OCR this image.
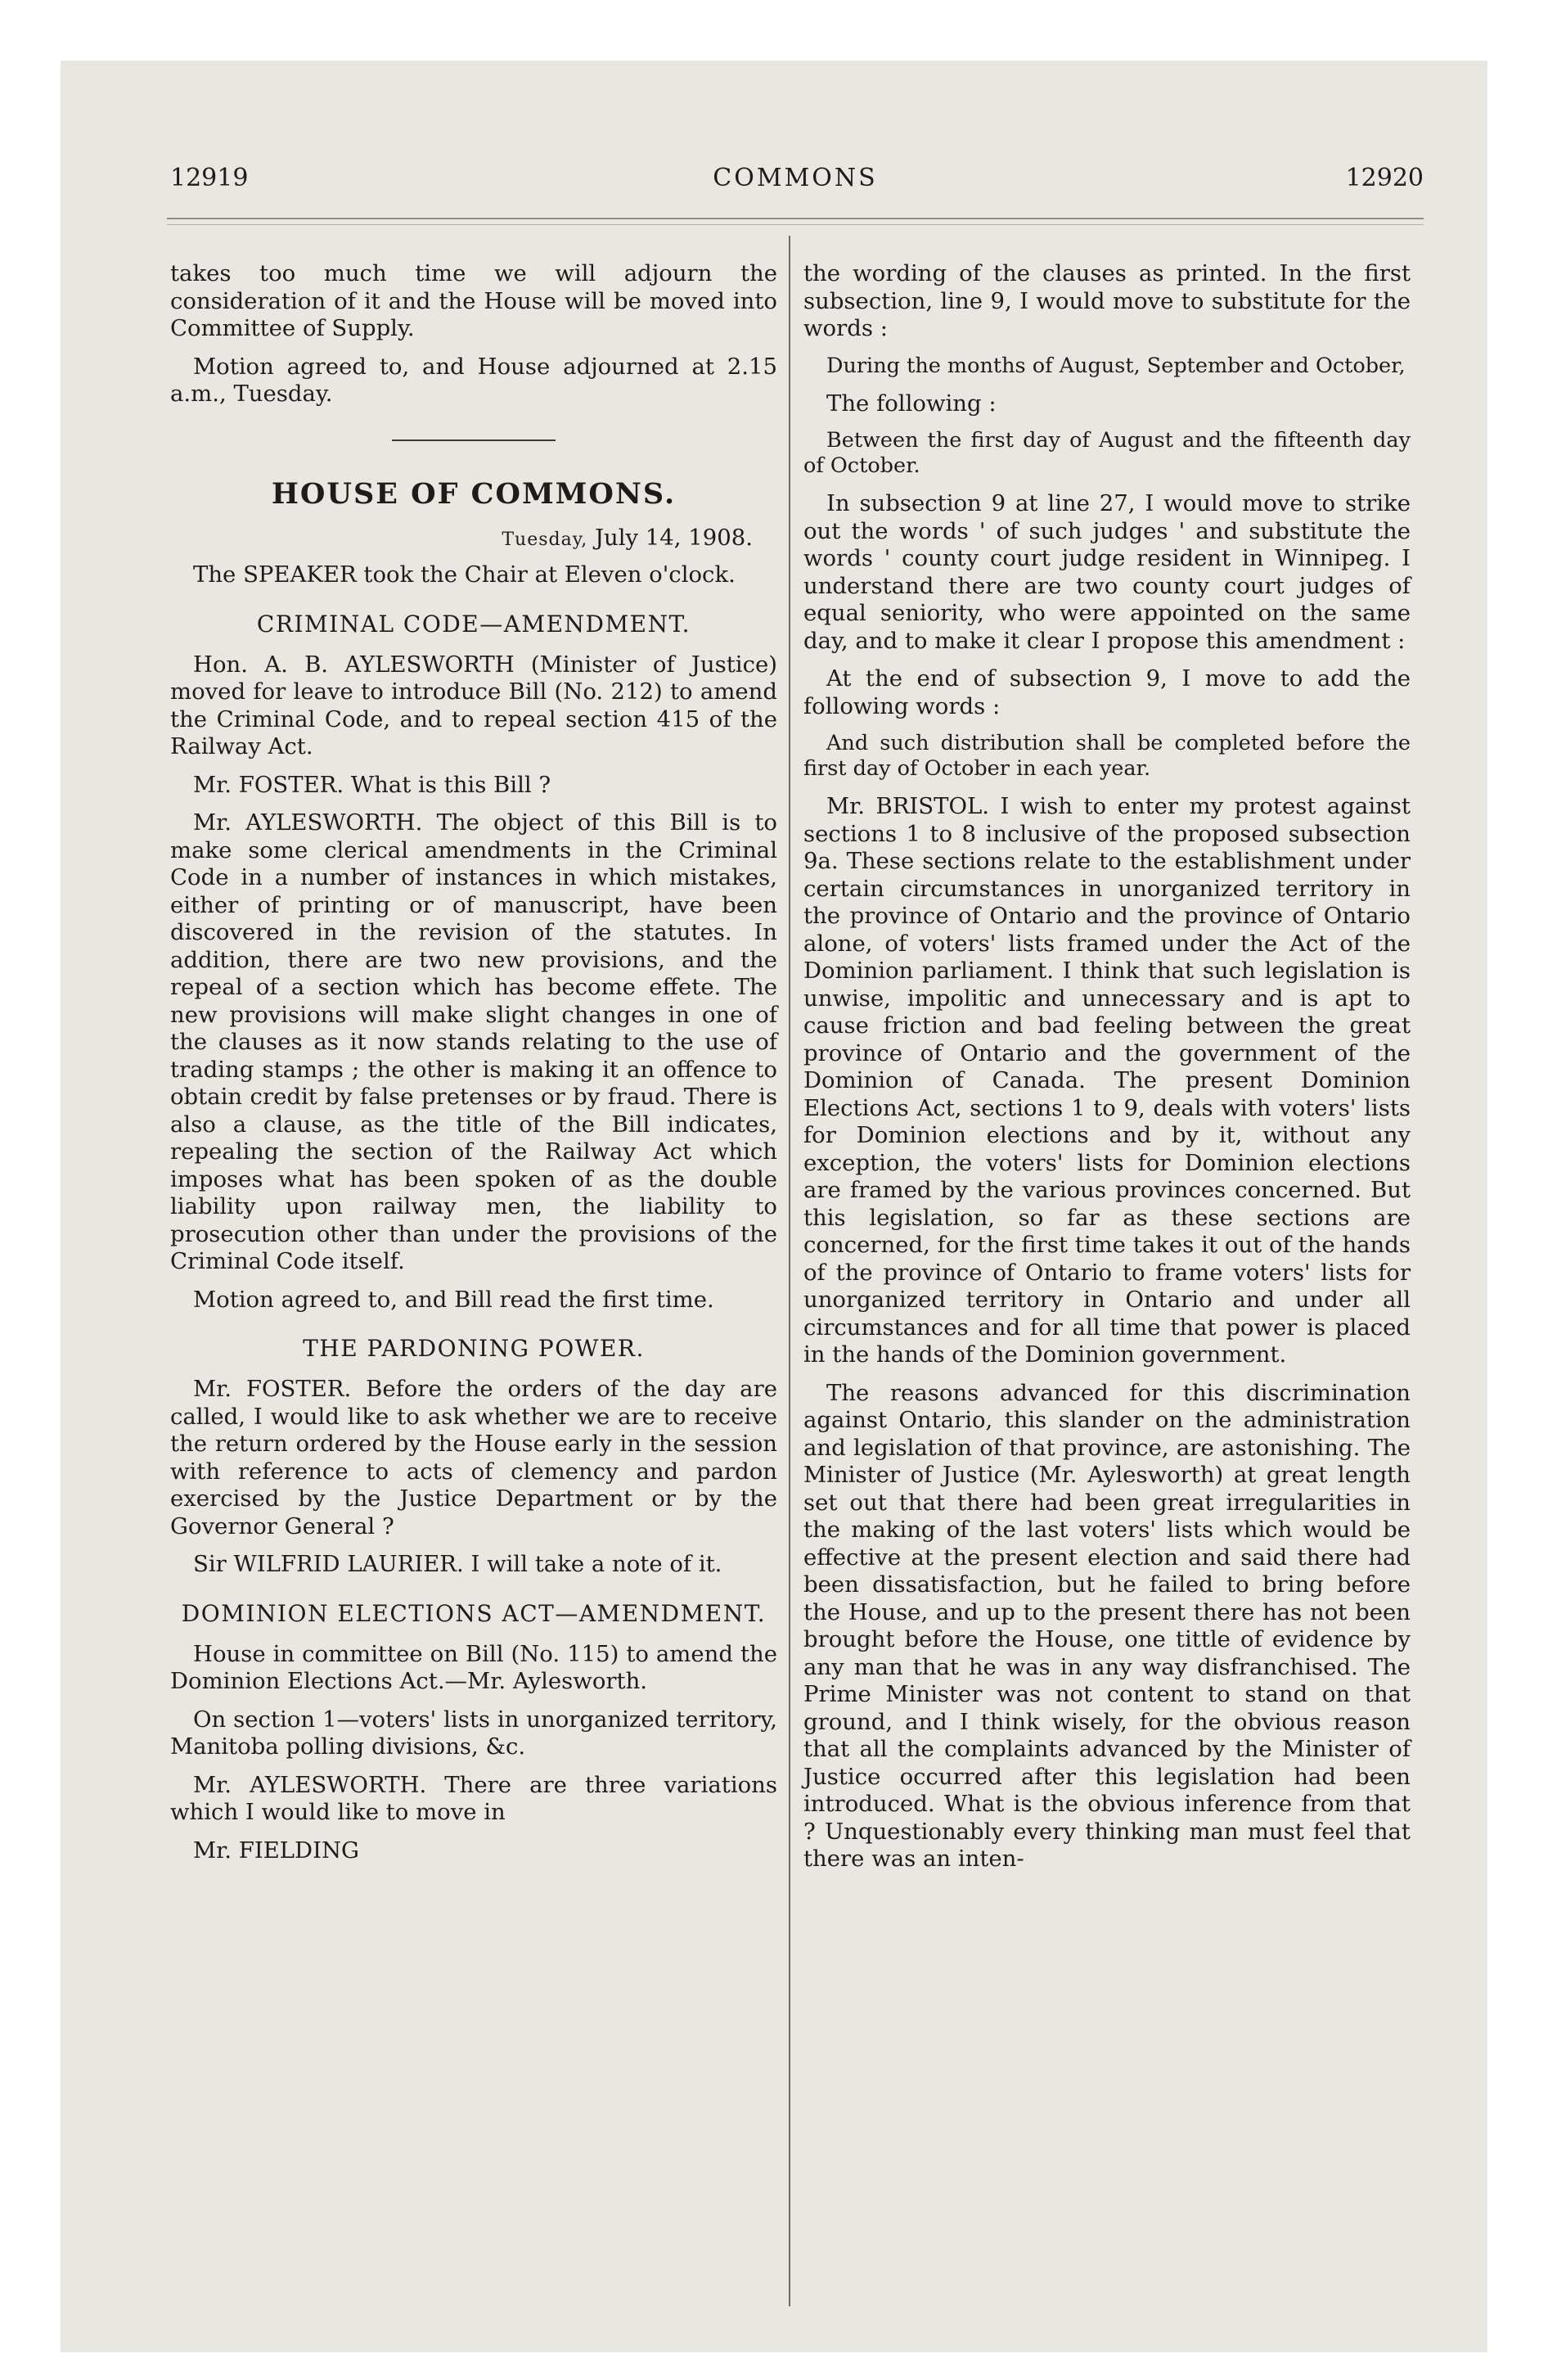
12919	COMMONS	12920

takes too much time we will adjourn the consideration of it and the House will be moved into Committee of Supply.

Motion agreed to, and House adjourned at 2.15 a.m., Tuesday.

HOUSE OF COMMONS.

Tuesday, July 14, 1908.

The SPEAKER took the Chair at Eleven o'clock.

CRIMINAL CODE—AMENDMENT.

Hon. A. B. AYLESWORTH (Minister of Justice) moved for leave to introduce Bill (No. 212) to amend the Criminal Code, and to repeal section 415 of the Railway Act.

Mr. FOSTER. What is this Bill ?

Mr. AYLESWORTH. The object of this Bill is to make some clerical amendments in the Criminal Code in a number of instances in which mistakes, either of printing or of manuscript, have been discovered in the revision of the statutes. In addition, there are two new provisions, and the repeal of a section which has become effete. The new provisions will make slight changes in one of the clauses as it now stands relating to the use of trading stamps ; the other is making it an offence to obtain credit by false pretenses or by fraud. There is also a clause, as the title of the Bill indicates, repealing the section of the Railway Act which imposes what has been spoken of as the double liability upon railway men, the liability to prosecution other than under the provisions of the Criminal Code itself.

Motion agreed to, and Bill read the first time.

THE PARDONING POWER.

Mr. FOSTER. Before the orders of the day are called, I would like to ask whether we are to receive the return ordered by the House early in the session with reference to acts of clemency and pardon exercised by the Justice Department or by the Governor General ?

Sir WILFRID LAURIER. I will take a note of it.

DOMINION ELECTIONS ACT—AMENDMENT.

House in committee on Bill (No. 115) to amend the Dominion Elections Act.—Mr. Aylesworth.

On section 1—voters' lists in unorganized territory, Manitoba polling divisions, &c.

Mr. AYLESWORTH. There are three variations which I would like to move in

Mr. FIELDING

the wording of the clauses as printed. In the first subsection, line 9, I would move to substitute for the words :

During the months of August, September and October,

The following :

Between the first day of August and the fifteenth day of October.

In subsection 9 at line 27, I would move to strike out the words ' of such judges ' and substitute the words ' county court judge resident in Winnipeg. I understand there are two county court judges of equal seniority, who were appointed on the same day, and to make it clear I propose this amendment :

At the end of subsection 9, I move to add the following words :

And such distribution shall be completed before the first day of October in each year.

Mr. BRISTOL. I wish to enter my protest against sections 1 to 8 inclusive of the proposed subsection 9a. These sections relate to the establishment under certain circumstances in unorganized territory in the province of Ontario and the province of Ontario alone, of voters' lists framed under the Act of the Dominion parliament. I think that such legislation is unwise, impolitic and unnecessary and is apt to cause friction and bad feeling between the great province of Ontario and the government of the Dominion of Canada. The present Dominion Elections Act, sections 1 to 9, deals with voters' lists for Dominion elections and by it, without any exception, the voters' lists for Dominion elections are framed by the various provinces concerned. But this legislation, so far as these sections are concerned, for the first time takes it out of the hands of the province of Ontario to frame voters' lists for unorganized territory in Ontario and under all circumstances and for all time that power is placed in the hands of the Dominion government.

The reasons advanced for this discrimination against Ontario, this slander on the administration and legislation of that province, are astonishing. The Minister of Justice (Mr. Aylesworth) at great length set out that there had been great irregularities in the making of the last voters' lists which would be effective at the present election and said there had been dissatisfaction, but he failed to bring before the House, and up to the present there has not been brought before the House, one tittle of evidence by any man that he was in any way disfranchised. The Prime Minister was not content to stand on that ground, and I think wisely, for the obvious reason that all the complaints advanced by the Minister of Justice occurred after this legislation had been introduced. What is the obvious inference from that ? Unquestionably every thinking man must feel that there was an inten-
